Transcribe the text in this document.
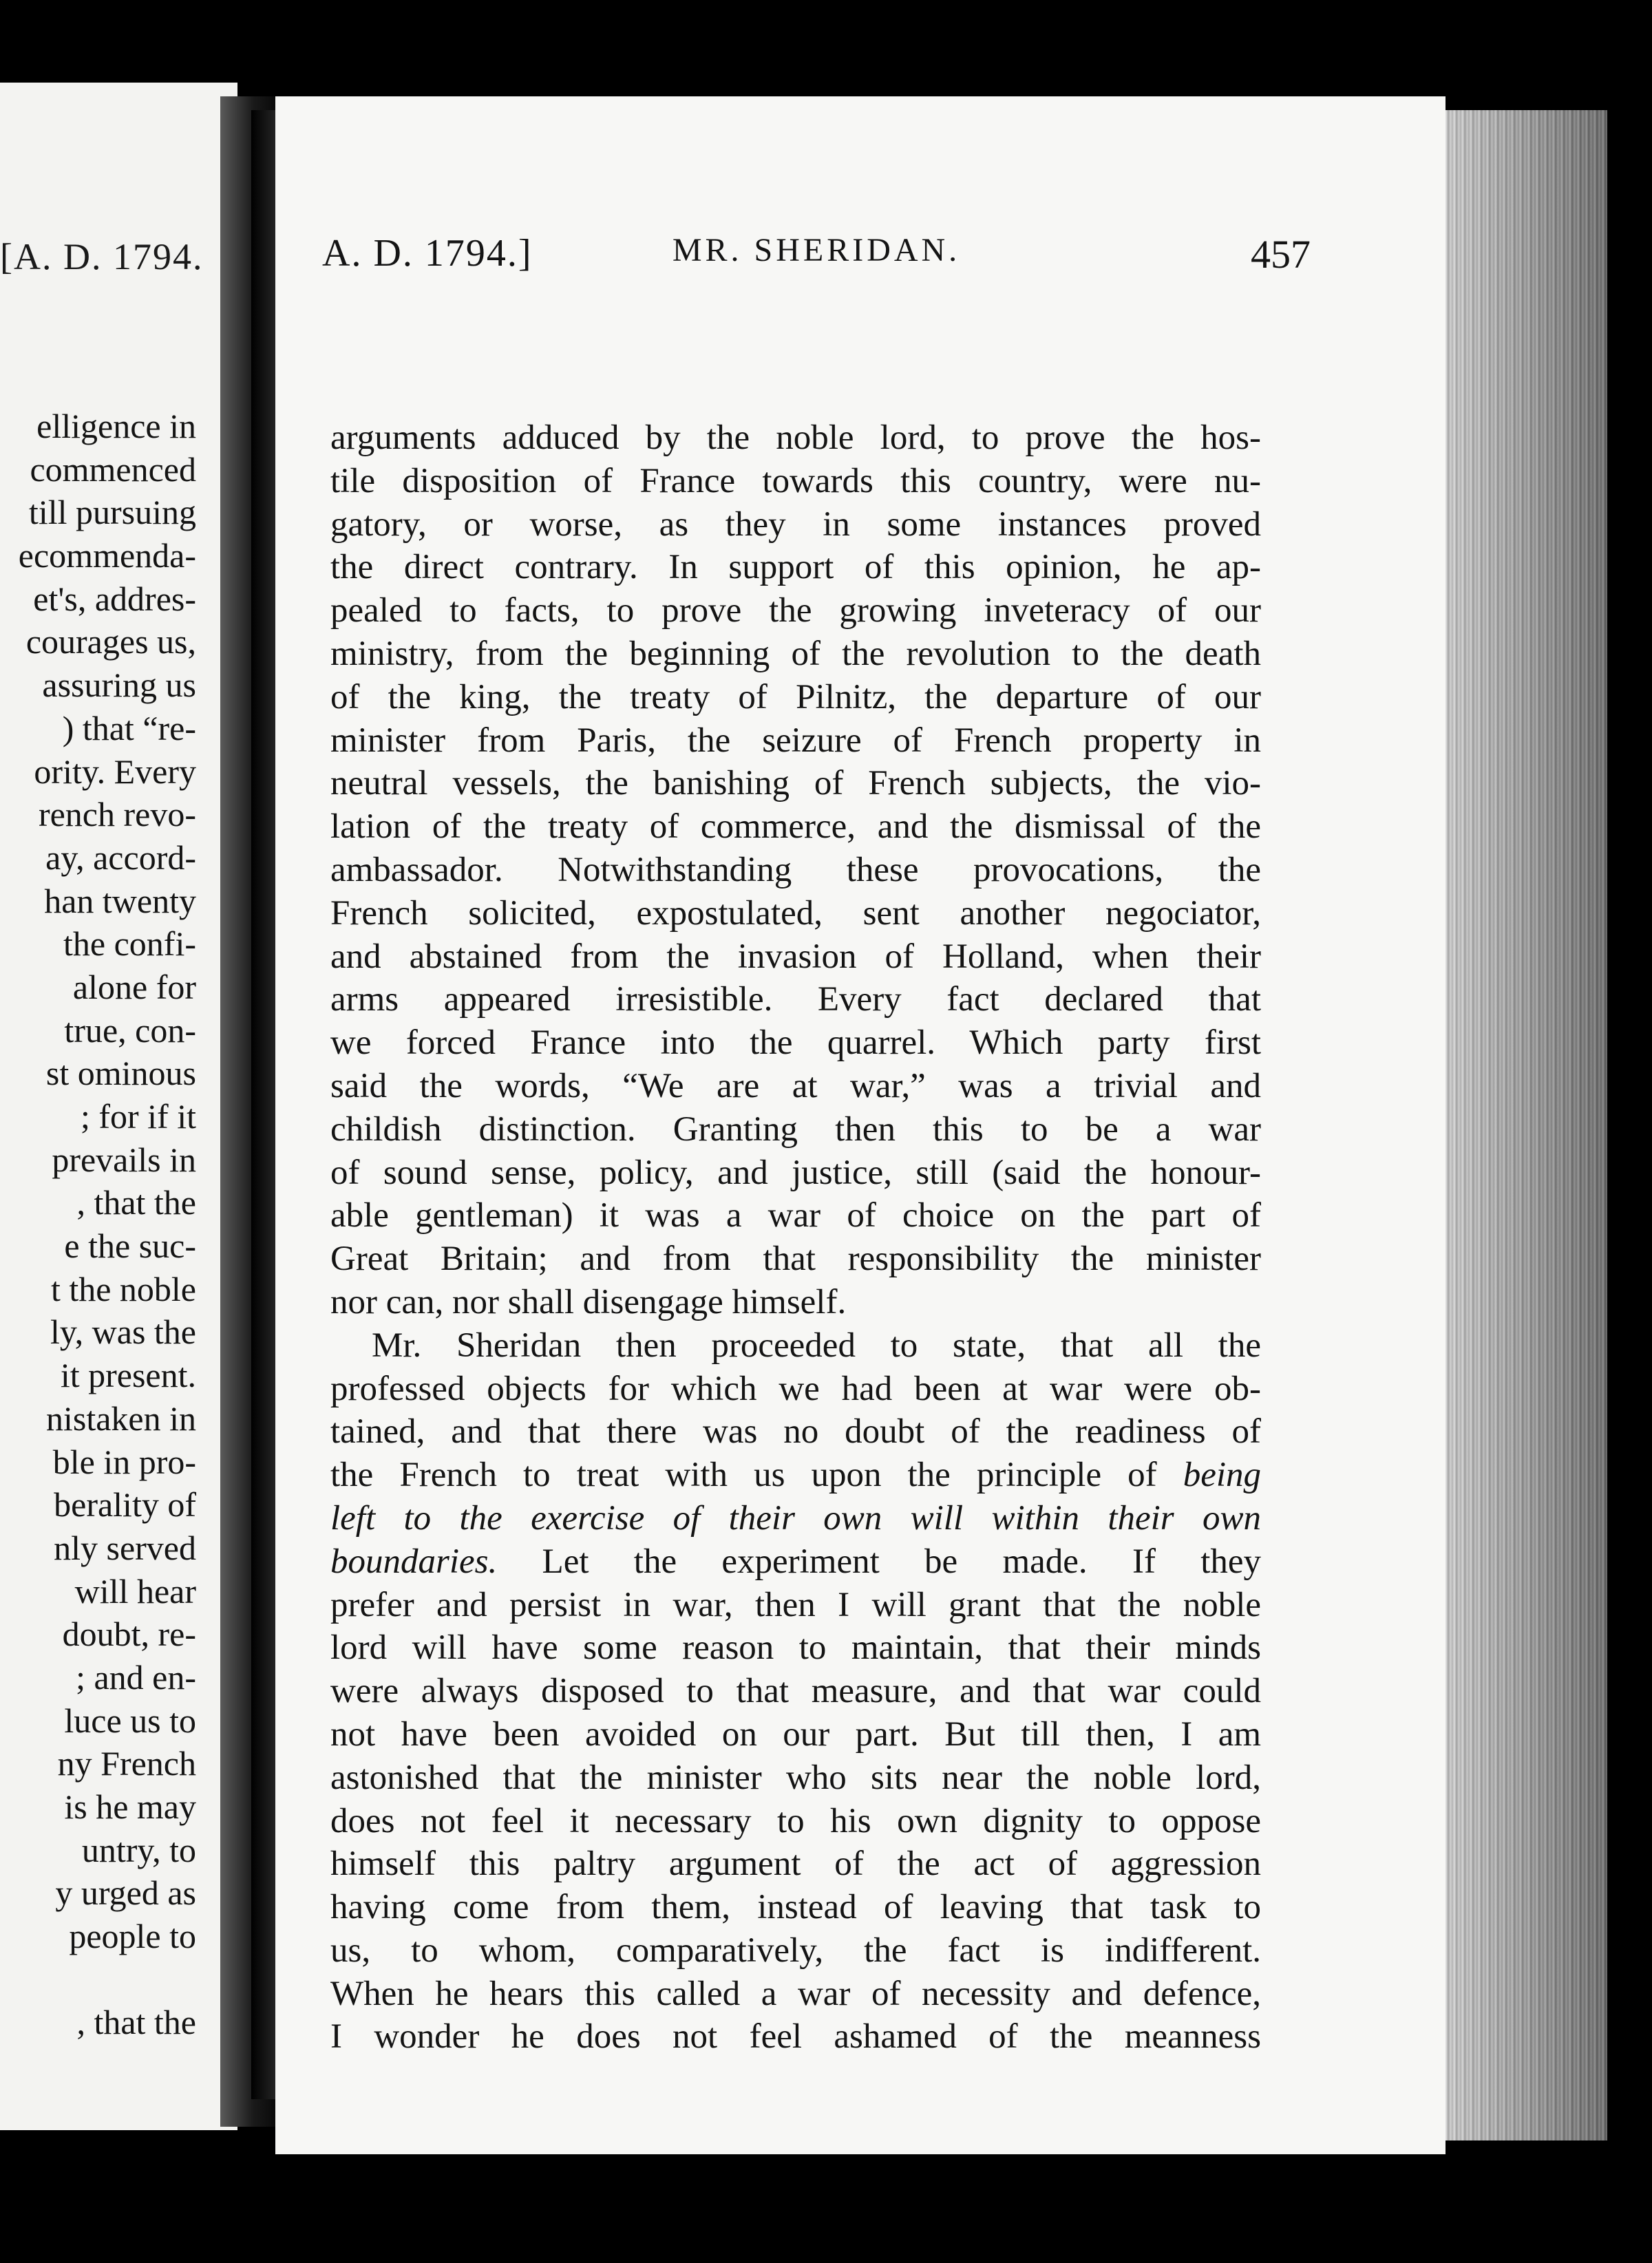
[A. D. 1794.
elligence in
commenced
till pursuing
ecommenda-
et's, addres-
courages us,
assuring us
) that “re-
ority. Every
rench revo-
ay, accord-
han twenty
the confi-
alone for
true, con-
st ominous
; for if it
prevails in
, that the
e the suc-
t the noble
ly, was the
it present.
nistaken in
ble in pro-
berality of
nly served
will hear
doubt, re-
; and en-
luce us to
ny French
is he may
untry, to
y urged as
people to
, that the
A. D. 1794.]	MR. SHERIDAN.	457
arguments adduced by the noble lord, to prove the hos-
tile disposition of France towards this country, were nu-
gatory, or worse, as they in some instances proved
the direct contrary. In support of this opinion, he ap-
pealed to facts, to prove the growing inveteracy of our
ministry, from the beginning of the revolution to the death
of the king, the treaty of Pilnitz, the departure of our
minister from Paris, the seizure of French property in
neutral vessels, the banishing of French subjects, the vio-
lation of the treaty of commerce, and the dismissal of the
ambassador. Notwithstanding these provocations, the
French solicited, expostulated, sent another negociator,
and abstained from the invasion of Holland, when their
arms appeared irresistible. Every fact declared that
we forced France into the quarrel. Which party first
said the words, “We are at war,” was a trivial and
childish distinction. Granting then this to be a war
of sound sense, policy, and justice, still (said the honour-
able gentleman) it was a war of choice on the part of
Great Britain; and from that responsibility the minister
nor can, nor shall disengage himself.
Mr. Sheridan then proceeded to state, that all the
professed objects for which we had been at war were ob-
tained, and that there was no doubt of the readiness of
the French to treat with us upon the principle of being
left to the exercise of their own will within their own
boundaries. Let the experiment be made. If they
prefer and persist in war, then I will grant that the noble
lord will have some reason to maintain, that their minds
were always disposed to that measure, and that war could
not have been avoided on our part. But till then, I am
astonished that the minister who sits near the noble lord,
does not feel it necessary to his own dignity to oppose
himself this paltry argument of the act of aggression
having come from them, instead of leaving that task to
us, to whom, comparatively, the fact is indifferent.
When he hears this called a war of necessity and defence,
I wonder he does not feel ashamed of the meanness
